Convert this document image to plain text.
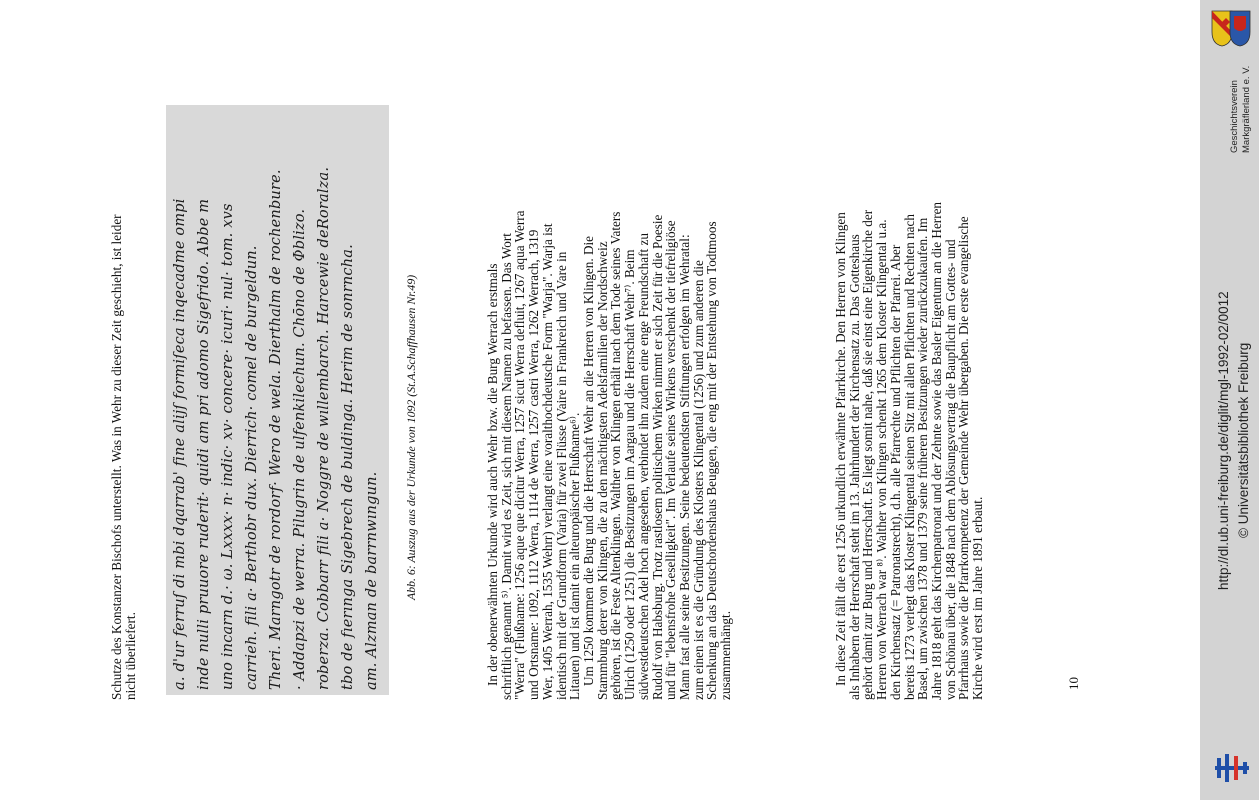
Schutze des Konstanzer Bischofs unterstellt. Was in Wehr zu dieser Zeit geschieht, ist leider
nicht überliefert. a. d'ur ferruſ di mbi dqarrab' fine alijſ formiſeca inqecadme ompi inde nulli pruuore ruderit· quidi am pri adomo Sigefrido. Abbe m uno incarn d.· ω. Lxxxx· n· indic· xv· concere· icuri· nul· tom. xvs carrieh. fili a· Berthobr dux. Dierrich· comel de burgeldun. Theri. Marngotr de rordorf· Wero de wela. Dierthalm de rochenbure. · Addapzi de werra. Pilugrin de ulfenkilechun. Chōno de Φblizo. roberza. Cobbarr fili a· Noggre de wıllembarch. Harcewie deRoralza. tbo de fıerınga Sigebrech de buldinga. Herim de sonrncha. am. Alzman de barrnwıngun. Abb. 6: Auszug aus der Urkunde von 1092 (St.A.Schaffhausen Nr.49)	In der obenerwähnten Urkunde wird auch Wehr bzw. die Burg Werrach erstmals
schriftlich genannt ⁵⁾. Damit wird es Zeit, sich mit diesem Namen zu befassen. Das Wort
"Werra" (Flußname: 1256 aque que dicitur Werra, 1257 sicut Werra defluit, 1267 aqua Werra
und Ortsname: 1092, 1112 Werra, 1114 de Werra, 1257 castri Werra, 1262 Werrach, 1319
Wer, 1405 Werrah, 1535 Wehrr) verlangt eine voralthochdeutsche Form "Warja". Warja ist
identisch mit der Grundform (Varia) für zwei Flüsse (Vaire in Frankreich und Vare in
Litauen) und ist damit ein alteuropäischer Flußname⁶⁾.
Um 1250 kommen die Burg und die Herrschaft Wehr an die Herren von Klingen. Die
Stammburg derer von Klingen, die zu den mächtigsten Adelsfamilien der Nordschweiz
gehören, ist die Feste Altenklingen. Walther von Klingen erhält nach dem Tode seines Vaters
Ulrich (1250 oder 1251) die Besitzungen im Aargau und die Herrschaft Wehr⁷⁾. Beim
südwestdeutschen Adel hoch angesehen, verbindet ihn zudem eine enge Freundschaft zu
Rudolf von Habsburg. Trotz rastlosem politischem Wirken nimmt er sich Zeit für die Poesie
und für "lebensfrohe Geselligkeit". Im Verlaufe seines Wirkens verschenkt der tiefreligiöse
Mann fast alle seine Besitzungen. Seine bedeutendsten Stiftungen erfolgen im Wehratal:
zum einen ist es die Gründung des Klosters Klingental (1256) und zum anderen die
Schenkung an das Deutschordenshaus Beuggen, die eng mit der Entstehung von Todtmoos
zusammenhängt.	In diese Zeit fällt die erst 1256 urkundlich erwähnte Pfarrkirche. Den Herren von Klingen
als Inhabern der Herrschaft steht im 13. Jahrhundert der Kirchensatz zu. Das Gotteshaus
gehört damit zur Burg und Herrschaft. Es liegt somit nahe, daß sie einst eine Eigenkirche der
Herren von Werrach war ⁸⁾. Walther von Klingen schenkt 1265 dem Kloster Klingental u.a.
den Kirchensatz (= Patronatsrecht), d.h. alle Pfarrechte und Pflichten der Pfarrei. Aber
bereits 1273 verlegt das Kloster Klingental seinen Sitz mit allen Pflichten und Rechten nach
Basel, um zwischen 1378 und 1379 seine früheren Besitzungen wieder zurückzukaufen. Im
Jahre 1818 geht das Kirchenpatronat und der Zehnte sowie das Basler Eigentum an die Herren
von Schönau über, die 1848 nach dem Ablösungsvertrag die Baupflicht am Gottes- und
Pfarrhaus sowie die Pfarrkompetenz der Gemeinde Wehr übergaben. Die erste evangelische
Kirche wird erst im Jahre 1891 erbaut.	10
Geschichtsverein Markgräflerland e. V.
http://dl.ub.uni-freiburg.de/diglit/mgl-1992-02/0012 © Universitätsbibliothek Freiburg
